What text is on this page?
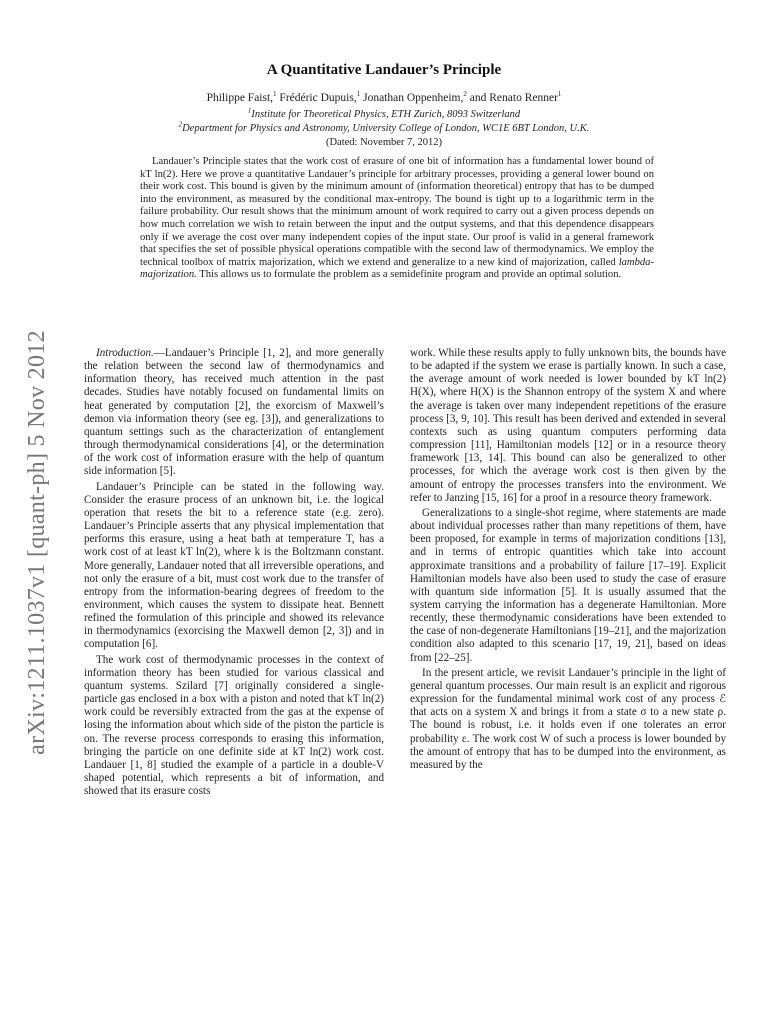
arXiv:1211.1037v1 [quant-ph] 5 Nov 2012
A Quantitative Landauer’s Principle
Philippe Faist,$^1$ Frédéric Dupuis,$^1$ Jonathan Oppenheim,$^2$ and Renato Renner$^1$
$^1$Institute for Theoretical Physics, ETH Zurich, 8093 Switzerland
$^2$Department for Physics and Astronomy, University College of London, WC1E 6BT London, U.K.
(Dated: November 7, 2012)
Landauer’s Principle states that the work cost of erasure of one bit of information has a fundamental lower bound of kT ln(2). Here we prove a quantitative Landauer’s principle for arbitrary processes, providing a general lower bound on their work cost. This bound is given by the minimum amount of (information theoretical) entropy that has to be dumped into the environment, as measured by the conditional max-entropy. The bound is tight up to a logarithmic term in the failure probability. Our result shows that the minimum amount of work required to carry out a given process depends on how much correlation we wish to retain between the input and the output systems, and that this dependence disappears only if we average the cost over many independent copies of the input state. Our proof is valid in a general framework that specifies the set of possible physical operations compatible with the second law of thermodynamics. We employ the technical toolbox of matrix majorization, which we extend and generalize to a new kind of majorization, called lambda-majorization. This allows us to formulate the problem as a semidefinite program and provide an optimal solution.

Introduction.—Landauer’s Principle [1, 2], and more generally the relation between the second law of thermodynamics and information theory, has received much attention in the past decades. Studies have notably focused on fundamental limits on heat generated by computation [2], the exorcism of Maxwell’s demon via information theory (see eg. [3]), and generalizations to quantum settings such as the characterization of entanglement through thermodynamical considerations [4], or the determination of the work cost of information erasure with the help of quantum side information [5].

Landauer’s Principle can be stated in the following way. Consider the erasure process of an unknown bit, i.e. the logical operation that resets the bit to a reference state (e.g. zero). Landauer’s Principle asserts that any physical implementation that performs this erasure, using a heat bath at temperature T, has a work cost of at least kT ln(2), where k is the Boltzmann constant. More generally, Landauer noted that all irreversible operations, and not only the erasure of a bit, must cost work due to the transfer of entropy from the information-bearing degrees of freedom to the environment, which causes the system to dissipate heat. Bennett refined the formulation of this principle and showed its relevance in thermodynamics (exorcising the Maxwell demon [2, 3]) and in computation [6].

The work cost of thermodynamic processes in the context of information theory has been studied for various classical and quantum systems. Szilard [7] originally considered a single-particle gas enclosed in a box with a piston and noted that kT ln(2) work could be reversibly extracted from the gas at the expense of losing the information about which side of the piston the particle is on. The reverse process corresponds to erasing this information, bringing the particle on one definite side at kT ln(2) work cost. Landauer [1, 8] studied the example of a particle in a double-V shaped potential, which represents a bit of information, and showed that its erasure costs

work. While these results apply to fully unknown bits, the bounds have to be adapted if the system we erase is partially known. In such a case, the average amount of work needed is lower bounded by kT ln(2) H(X), where H(X) is the Shannon entropy of the system X and where the average is taken over many independent repetitions of the erasure process [3, 9, 10]. This result has been derived and extended in several contexts such as using quantum computers performing data compression [11], Hamiltonian models [12] or in a resource theory framework [13, 14]. This bound can also be generalized to other processes, for which the average work cost is then given by the amount of entropy the processes transfers into the environment. We refer to Janzing [15, 16] for a proof in a resource theory framework.

Generalizations to a single-shot regime, where statements are made about individual processes rather than many repetitions of them, have been proposed, for example in terms of majorization conditions [13], and in terms of entropic quantities which take into account approximate transitions and a probability of failure [17–19]. Explicit Hamiltonian models have also been used to study the case of erasure with quantum side information [5]. It is usually assumed that the system carrying the information has a degenerate Hamiltonian. More recently, these thermodynamic considerations have been extended to the case of non-degenerate Hamiltonians [19–21], and the majorization condition also adapted to this scenario [17, 19, 21], based on ideas from [22–25].

In the present article, we revisit Landauer’s principle in the light of general quantum processes. Our main result is an explicit and rigorous expression for the fundamental minimal work cost of any process ℰ that acts on a system X and brings it from a state σ to a new state ρ. The bound is robust, i.e. it holds even if one tolerates an error probability ε. The work cost W of such a process is lower bounded by the amount of entropy that has to be dumped into the environment, as measured by the
